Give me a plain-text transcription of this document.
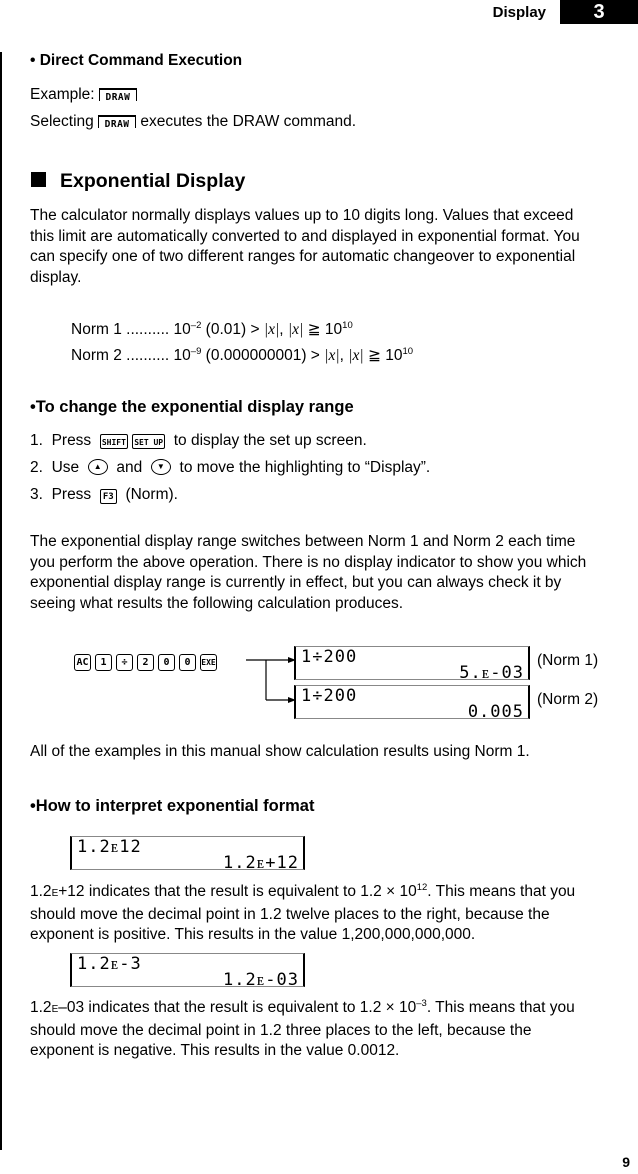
Display	3
• Direct Command Execution
Example:	DRAW
Selecting	DRAW executes the DRAW command.
Exponential Display
The calculator normally displays values up to 10 digits long. Values that exceed
this limit are automatically converted to and displayed in exponential format. You
can specify one of two different ranges for automatic changeover to exponential
display.
Norm 1 .......... $10^{-2}$ (0.01) > |x|, |x| ≧ $10^{10}$
Norm 2 .......... $10^{-9}$ (0.000000001) > |x|, |x| ≧ $10^{10}$
•To change the exponential display range
1. Press SHIFT SET UP to display the set up screen.
2. Use	▲ and	▼ to move the highlighting to “Display”.
3. Press F3 (Norm).
The exponential display range switches between Norm 1 and Norm 2 each time
you perform the above operation. There is no display indicator to show you which
exponential display range is currently in effect, but you can always check it by
seeing what results the following calculation produces.
AC 1 ÷ 2 0 0 EXE	1÷200
5.ᴇ-03
(Norm 1)
1÷200
0.005
(Norm 2)
All of the examples in this manual show calculation results using Norm 1.
•How to interpret exponential format
1.2ᴇ12
1.2ᴇ+12
1.2E+12 indicates that the result is equivalent to $1.2 \times 10^{12}$. This means that you
should move the decimal point in 1.2 twelve places to the right, because the
exponent is positive. This results in the value 1,200,000,000,000.
1.2ᴇ-3
1.2ᴇ-03
1.2E–03 indicates that the result is equivalent to $1.2 \times 10^{-3}$. This means that you
should move the decimal point in 1.2 three places to the left, because the
exponent is negative. This results in the value 0.0012.
9
